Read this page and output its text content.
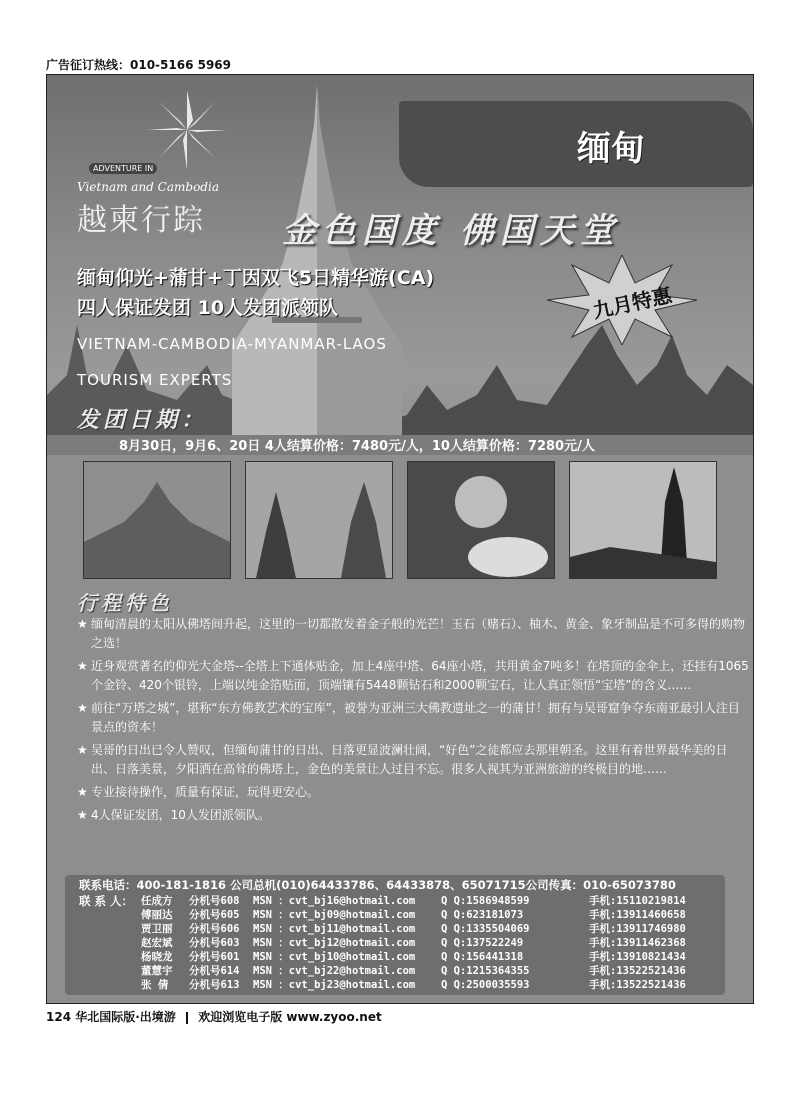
广告征订热线：010-5166 5969
ADVENTURE IN
Vietnam and Cambodia
越柬行踪
缅甸
金色国度 佛国天堂
缅甸仰光+蒲甘+丁因双飞5日精华游(CA)
四人保证发团 10人发团派领队
VIETNAM-CAMBODIA-MYANMAR-LAOS
TOURISM EXPERTS
九月特惠
发团日期：
8月30日，9月6、20日 4人结算价格：7480元/人，10人结算价格：7280元/人
行程特色
★ 缅甸清晨的太阳从佛塔间升起，这里的一切都散发着金子般的光芒！玉石（赌石）、柚木、黄金、象牙制品是不可多得的购物之选！
★ 近身观赏著名的仰光大金塔--全塔上下通体贴金，加上4座中塔、64座小塔，共用黄金7吨多！在塔顶的金伞上，还挂有1065个金铃、420个银铃，上端以纯金箔贴面，顶端镶有5448颗钻石和2000颗宝石，让人真正领悟“宝塔”的含义……
★ 前往“万塔之城”，堪称“东方佛教艺术的宝库”，被誉为亚洲三大佛教遗址之一的蒲甘！拥有与吴哥窟争夺东南亚最引人注目景点的资本！
★ 吴哥的日出已令人赞叹，但缅甸蒲甘的日出、日落更显波澜壮阔，“好色”之徒都应去那里朝圣。这里有着世界最华美的日出、日落美景，夕阳洒在高耸的佛塔上，金色的美景让人过目不忘。很多人视其为亚洲旅游的终极目的地……
★ 专业接待操作，质量有保证，玩得更安心。
★ 4人保证发团，10人发团派领队。
联系电话：400-181-1816 公司总机(010)64433786、64433878、65071715公司传真：010-65073780
联 系 人： 任成方 分机号608 MSN ：cvt_bj16@hotmail.com Q Q:1586948599	手机:15110219814
傅丽达 分机号605 MSN ：cvt_bj09@hotmail.com Q Q:623181073	手机:13911460658
贾卫丽 分机号606 MSN ：cvt_bj11@hotmail.com Q Q:1335504069	手机:13911746980
赵宏斌 分机号603 MSN ：cvt_bj12@hotmail.com Q Q:137522249	手机:13911462368
杨晓龙 分机号601 MSN ：cvt_bj10@hotmail.com Q Q:156441318	手机:13910821434
董慧宇 分机号614 MSN ：cvt_bj22@hotmail.com Q Q:1215364355	手机:13522521436
张 倩 分机号613 MSN ：cvt_bj23@hotmail.com Q Q:2500035593	手机:13522521436
124 华北国际版·出境游 欢迎浏览电子版 www.zyoo.net
